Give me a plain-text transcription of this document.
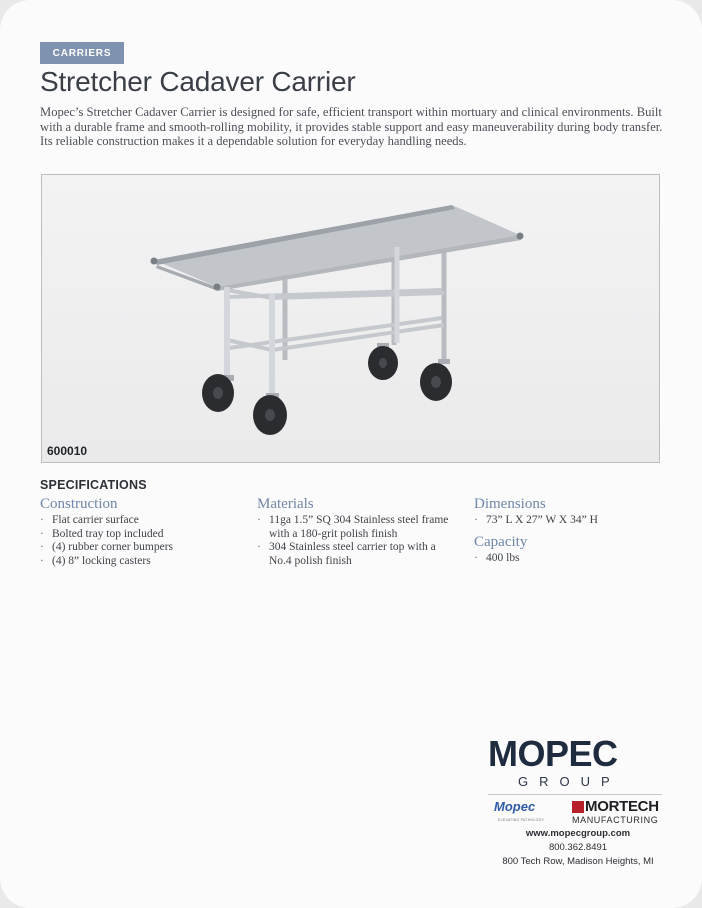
CARRIERS
Stretcher Cadaver Carrier

Mopec’s Stretcher Cadaver Carrier is designed for safe, efficient transport within mortuary and clinical environments. Built with a durable frame and smooth-rolling mobility, it provides stable support and easy maneuverability during body transfer. Its reliable construction makes it a dependable solution for everyday handling needs.

600010
SPECIFICATIONS
Construction
· Flat carrier surface
· Bolted tray top included
· (4) rubber corner bumpers
· (4) 8” locking casters
Materials
· 11ga 1.5” SQ 304 Stainless steel frame with a 180-grit polish finish
· 304 Stainless steel carrier top with a No.4 polish finish
Dimensions
· 73” L X 27” W X 34” H
Capacity
· 400 lbs
MOPEC
GROUP
Mopec
ELEVATING PATHOLOGY
MORTECH
MANUFACTURING
www.mopecgroup.com
800.362.8491
800 Tech Row, Madison Heights, MI
